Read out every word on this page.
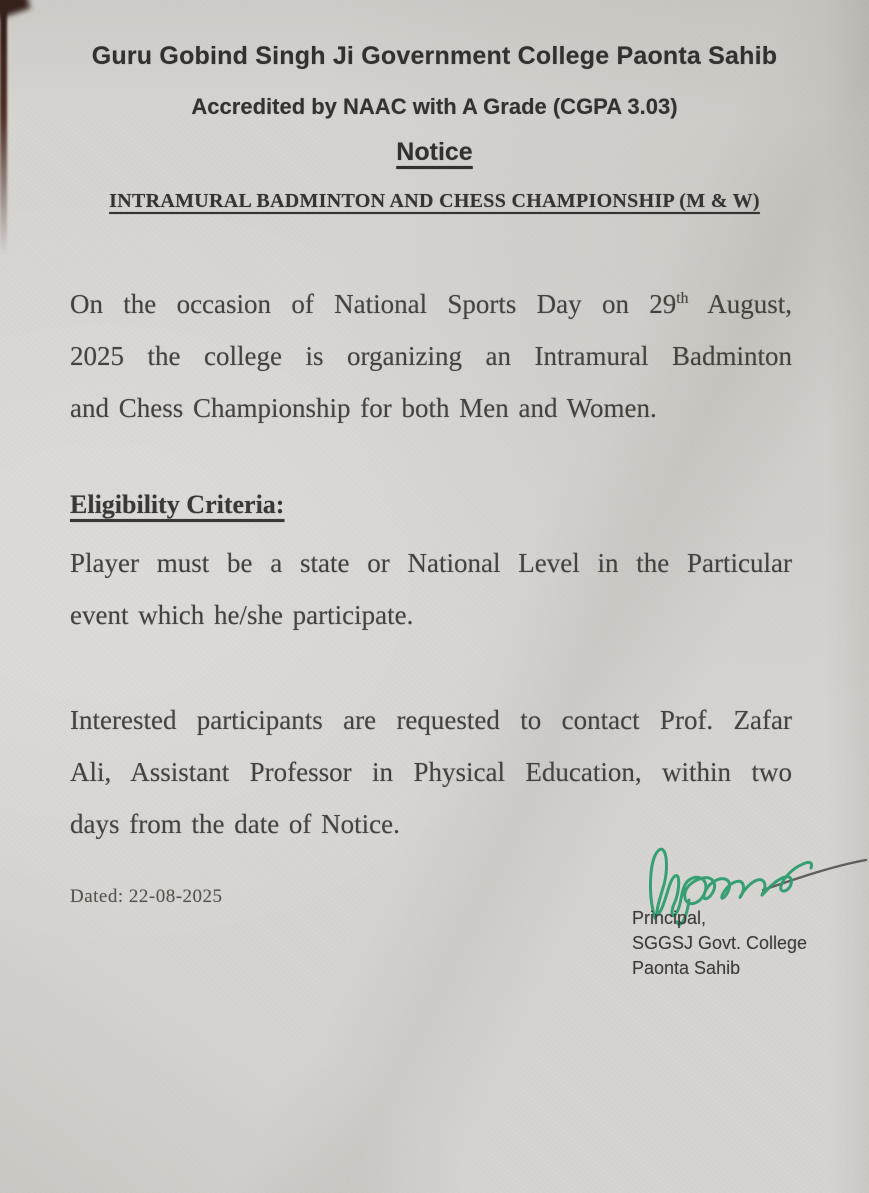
Guru Gobind Singh Ji Government College Paonta Sahib
Accredited by NAAC with A Grade (CGPA 3.03)
Notice
INTRAMURAL BADMINTON AND CHESS CHAMPIONSHIP (M & W)
On the occasion of National Sports Day on 29th August,
2025 the college is organizing an Intramural Badminton
and Chess Championship for both Men and Women.
Eligibility Criteria:
Player must be a state or National Level in the Particular
event which he/she participate.
Interested participants are requested to contact Prof. Zafar
Ali, Assistant Professor in Physical Education, within two
days from the date of Notice.
Dated: 22-08-2025
Principal,
SGGSJ Govt. College
Paonta Sahib
